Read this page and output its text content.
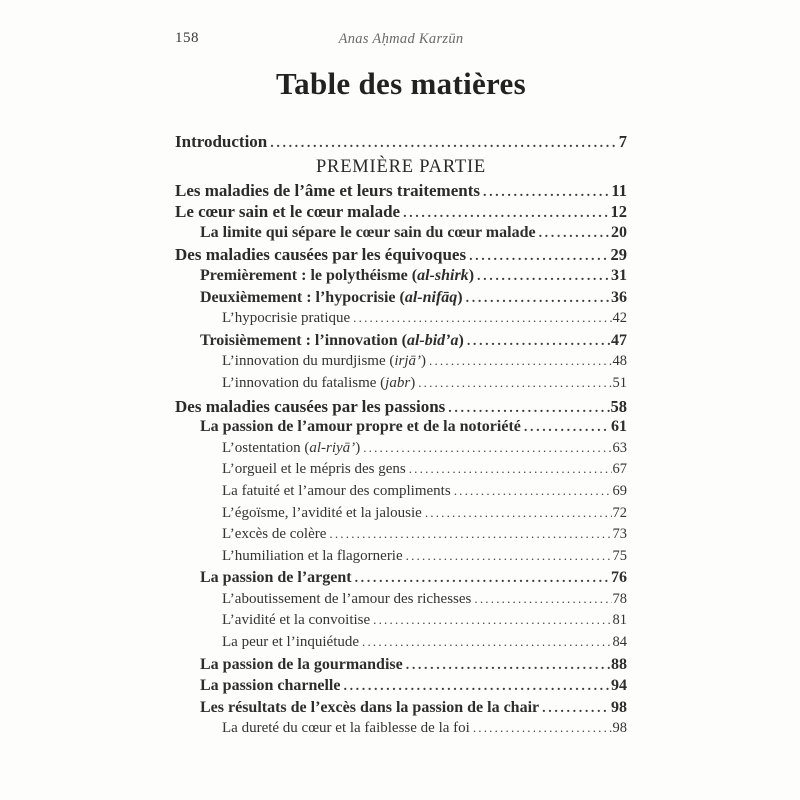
158	Anas Aḥmad Karzūn
Table des matières
Introduction .....	7
PREMIÈRE PARTIE
Les maladies de l’âme et leurs traitements .....	11
Le cœur sain et le cœur malade .....	12
La limite qui sépare le cœur sain du cœur malade .....	20
Des maladies causées par les équivoques .....	29
Premièrement : le polythéisme (al-shirk) .....	31
Deuxièmement : l’hypocrisie (al-nifāq) .....	36
L’hypocrisie pratique .....	42
Troisièmement : l’innovation (al-bid’a) .....	47
L’innovation du murdjisme (irjā’) .....	48
L’innovation du fatalisme (jabr) .....	51
Des maladies causées par les passions .....	58
La passion de l’amour propre et de la notoriété .....	61
L’ostentation (al-riyā’) .....	63
L’orgueil et le mépris des gens .....	67
La fatuité et l’amour des compliments .....	69
L’égoïsme, l’avidité et la jalousie .....	72
L’excès de colère .....	73
L’humiliation et la flagornerie .....	75
La passion de l’argent .....	76
L’aboutissement de l’amour des richesses .....	78
L’avidité et la convoitise .....	81
La peur et l’inquiétude .....	84
La passion de la gourmandise .....	88
La passion charnelle .....	94
Les résultats de l’excès dans la passion de la chair .....	98
La dureté du cœur et la faiblesse de la foi .....	98
